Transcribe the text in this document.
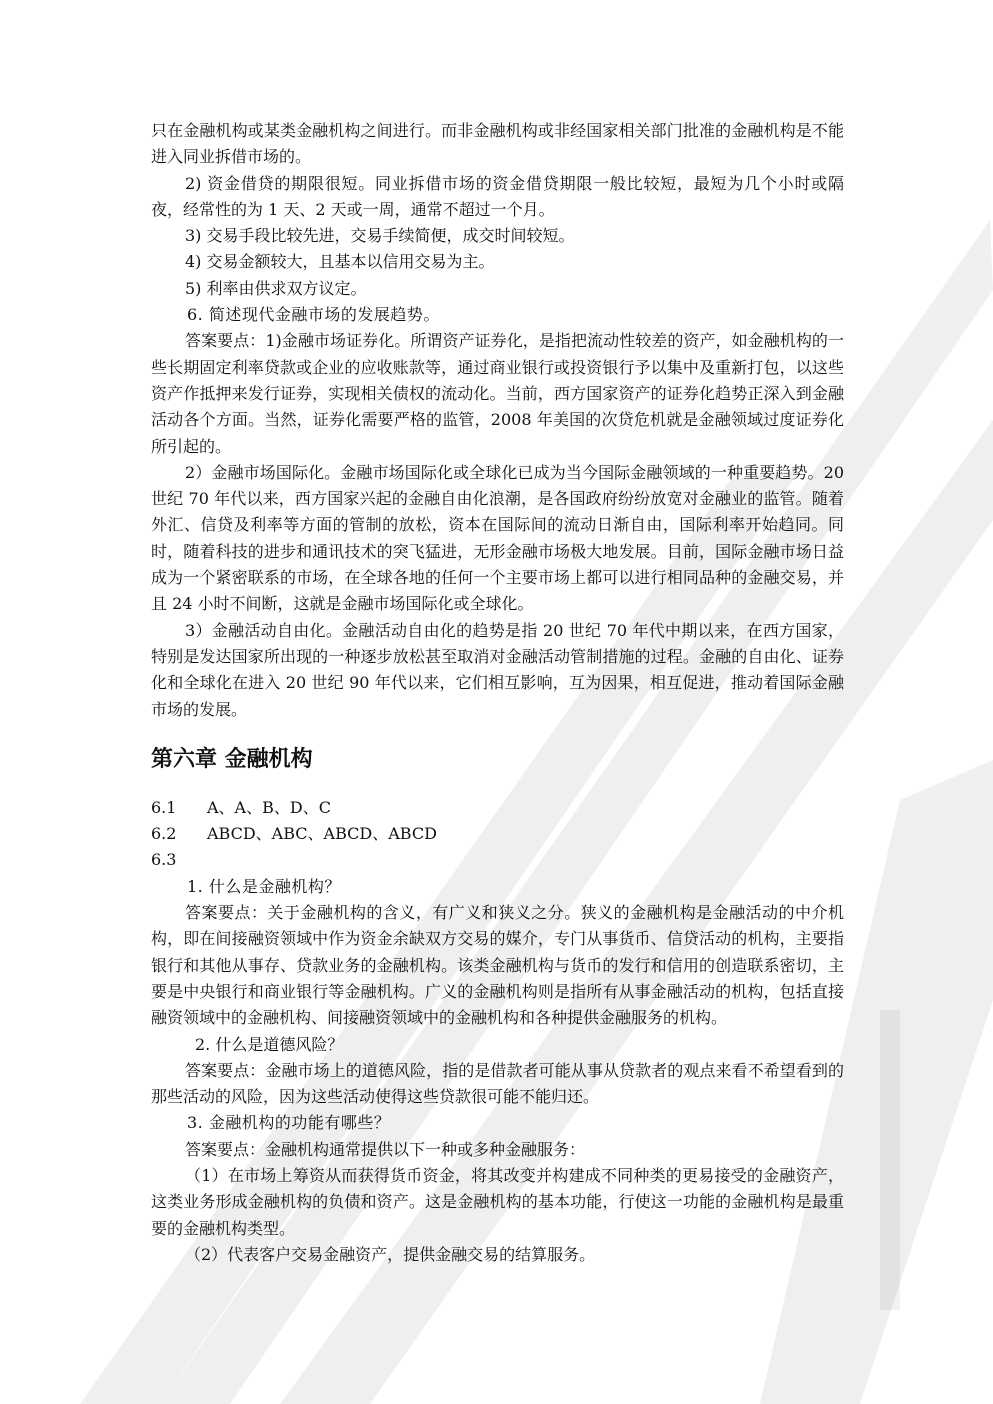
只在金融机构或某类金融机构之间进行。而非金融机构或非经国家相关部门批准的金融机构是不能进入同业拆借市场的。

2) 资金借贷的期限很短。同业拆借市场的资金借贷期限一般比较短，最短为几个小时或隔夜，经常性的为 1 天、2 天或一周，通常不超过一个月。

3) 交易手段比较先进，交易手续简便，成交时间较短。

4) 交易金额较大，且基本以信用交易为主。

5) 利率由供求双方议定。

6. 简述现代金融市场的发展趋势。

答案要点：1)金融市场证券化。所谓资产证券化，是指把流动性较差的资产，如金融机构的一些长期固定利率贷款或企业的应收账款等，通过商业银行或投资银行予以集中及重新打包，以这些资产作抵押来发行证券，实现相关债权的流动化。当前，西方国家资产的证券化趋势正深入到金融活动各个方面。当然，证券化需要严格的监管，2008 年美国的次贷危机就是金融领域过度证券化所引起的。

2）金融市场国际化。金融市场国际化或全球化已成为当今国际金融领域的一种重要趋势。20 世纪 70 年代以来，西方国家兴起的金融自由化浪潮，是各国政府纷纷放宽对金融业的监管。随着外汇、信贷及利率等方面的管制的放松，资本在国际间的流动日渐自由，国际利率开始趋同。同时，随着科技的进步和通讯技术的突飞猛进，无形金融市场极大地发展。目前，国际金融市场日益成为一个紧密联系的市场，在全球各地的任何一个主要市场上都可以进行相同品种的金融交易，并且 24 小时不间断，这就是金融市场国际化或全球化。

3）金融活动自由化。金融活动自由化的趋势是指 20 世纪 70 年代中期以来，在西方国家，特别是发达国家所出现的一种逐步放松甚至取消对金融活动管制措施的过程。金融的自由化、证券化和全球化在进入 20 世纪 90 年代以来，它们相互影响，互为因果，相互促进，推动着国际金融市场的发展。

第六章 金融机构
6.1	A、A、B、D、C
6.2	ABCD、ABC、ABCD、ABCD
6.3

1. 什么是金融机构？

答案要点：关于金融机构的含义，有广义和狭义之分。狭义的金融机构是金融活动的中介机构，即在间接融资领域中作为资金余缺双方交易的媒介，专门从事货币、信贷活动的机构，主要指银行和其他从事存、贷款业务的金融机构。该类金融机构与货币的发行和信用的创造联系密切，主要是中央银行和商业银行等金融机构。广义的金融机构则是指所有从事金融活动的机构，包括直接融资领域中的金融机构、间接融资领域中的金融机构和各种提供金融服务的机构。

2. 什么是道德风险？

答案要点：金融市场上的道德风险，指的是借款者可能从事从贷款者的观点来看不希望看到的那些活动的风险，因为这些活动使得这些贷款很可能不能归还。

3. 金融机构的功能有哪些？

答案要点：金融机构通常提供以下一种或多种金融服务：

（1）在市场上筹资从而获得货币资金，将其改变并构建成不同种类的更易接受的金融资产，这类业务形成金融机构的负债和资产。这是金融机构的基本功能，行使这一功能的金融机构是最重要的金融机构类型。

（2）代表客户交易金融资产，提供金融交易的结算服务。
